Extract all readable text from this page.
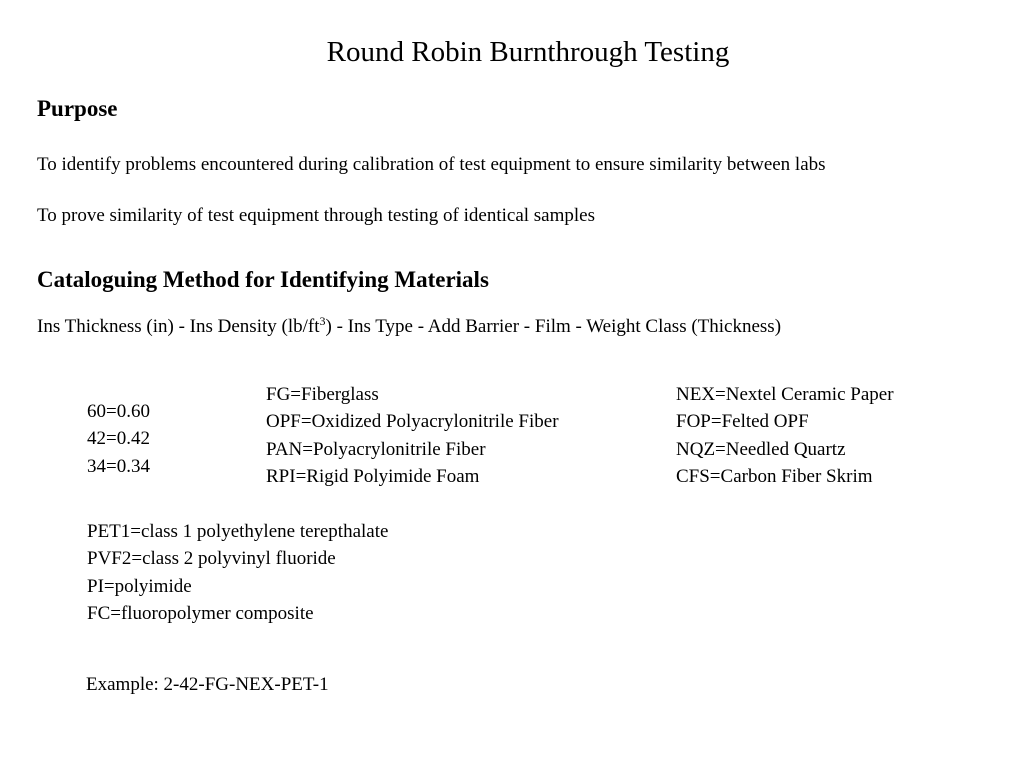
Round Robin Burnthrough Testing
Purpose
To identify problems encountered during calibration of test equipment to ensure similarity between labs
To prove similarity of test equipment through testing of identical samples
Cataloguing Method for Identifying Materials
Ins Thickness (in) - Ins Density $(lb/ft^3)$ - Ins Type - Add Barrier - Film - Weight Class (Thickness)
60=0.60
42=0.42
34=0.34
FG=Fiberglass
OPF=Oxidized Polyacrylonitrile Fiber
PAN=Polyacrylonitrile Fiber
RPI=Rigid Polyimide Foam
NEX=Nextel Ceramic Paper
FOP=Felted OPF
NQZ=Needled Quartz
CFS=Carbon Fiber Skrim
PET1=class 1 polyethylene terepthalate
PVF2=class 2 polyvinyl fluoride
PI=polyimide
FC=fluoropolymer composite
Example: 2-42-FG-NEX-PET-1
